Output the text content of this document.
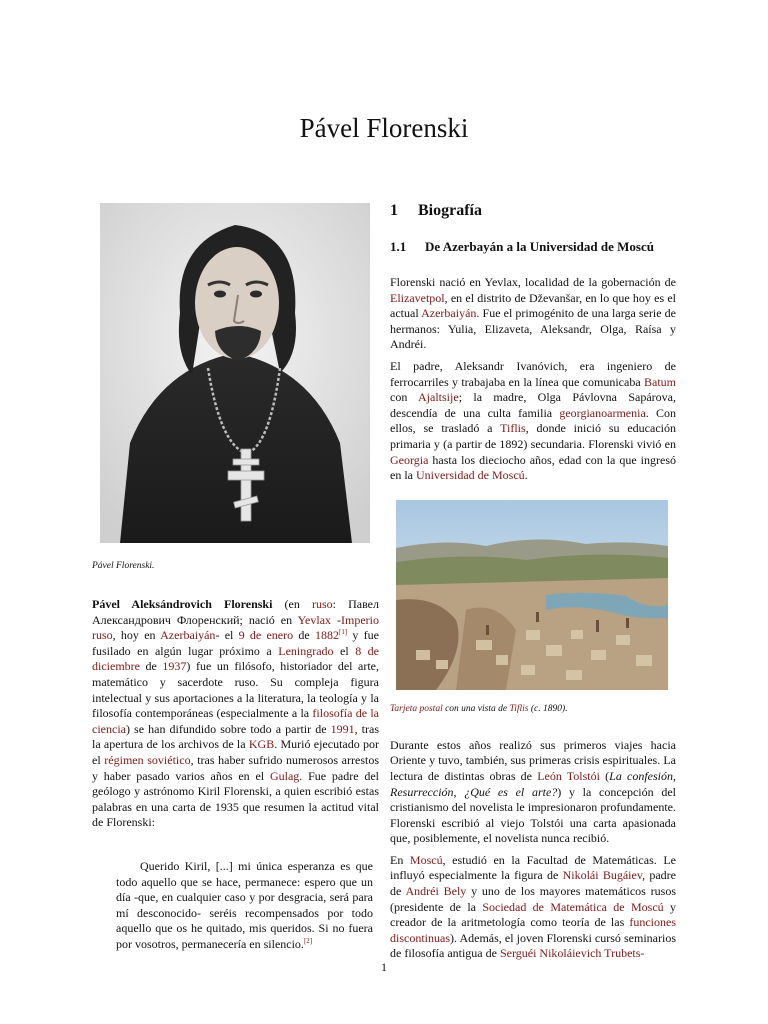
Pável Florenski

Pável Florenski.

Pável Aleksándrovich Florenski (en ruso: Павел Александрович Флоренский; nació en Yevlax -Imperio ruso, hoy en Azerbaiyán- el 9 de enero de 1882[1] y fue fusilado en algún lugar próximo a Leningrado el 8 de diciembre de 1937) fue un filósofo, historiador del arte, matemático y sacerdote ruso. Su compleja figura intelectual y sus aportaciones a la literatura, la teología y la filosofía contemporáneas (especialmente a la filosofía de la ciencia) se han difundido sobre todo a partir de 1991, tras la apertura de los archivos de la KGB. Murió ejecutado por el régimen soviético, tras haber sufrido numerosos arrestos y haber pasado varios años en el Gulag. Fue padre del geólogo y astrónomo Kiril Florenski, a quien escribió estas palabras en una carta de 1935 que resumen la actitud vital de Florenski:

Querido Kiril, [...] mi única esperanza es que todo aquello que se hace, permanece: espero que un día -que, en cualquier caso y por desgracia, será para mí desconocido- seréis recompensados por todo aquello que os he quitado, mis queridos. Si no fuera por vosotros, permanecería en silencio.[2]

1	Biografía
1.1	De Azerbayán a la Universidad de Moscú

Florenski nació en Yevlax, localidad de la gobernación de Elizavetpol, en el distrito de Dževanšar, en lo que hoy es el actual Azerbaiyán. Fue el primogénito de una larga serie de hermanos: Yulia, Elizaveta, Aleksandr, Olga, Raísa y Andréi.

El padre, Aleksandr Ivanóvich, era ingeniero de ferrocarriles y trabajaba en la línea que comunicaba Batum con Ajaltsije; la madre, Olga Pávlovna Sapárova, descendía de una culta familia georgianoarmenia. Con ellos, se trasladó a Tiflis, donde inició su educación primaria y (a partir de 1892) secundaria. Florenski vivió en Georgia hasta los dieciocho años, edad con la que ingresó en la Universidad de Moscú.

Tarjeta postal con una vista de Tiflis (c. 1890).

Durante estos años realizó sus primeros viajes hacia Oriente y tuvo, también, sus primeras crisis espirituales. La lectura de distintas obras de León Tolstói (La confesión, Resurrección, ¿Qué es el arte?) y la concepción del cristianismo del novelista le impresionaron profundamente. Florenski escribió al viejo Tolstói una carta apasionada que, posiblemente, el novelista nunca recibió.

En Moscú, estudió en la Facultad de Matemáticas. Le influyó especialmente la figura de Nikolái Bugáiev, padre de Andréi Bely y uno de los mayores matemáticos rusos (presidente de la Sociedad de Matemática de Moscú y creador de la aritmetología como teoría de las funciones discontinuas). Además, el joven Florenski cursó seminarios de filosofía antigua de Serguéi Nikoláievich Trubets-

1
